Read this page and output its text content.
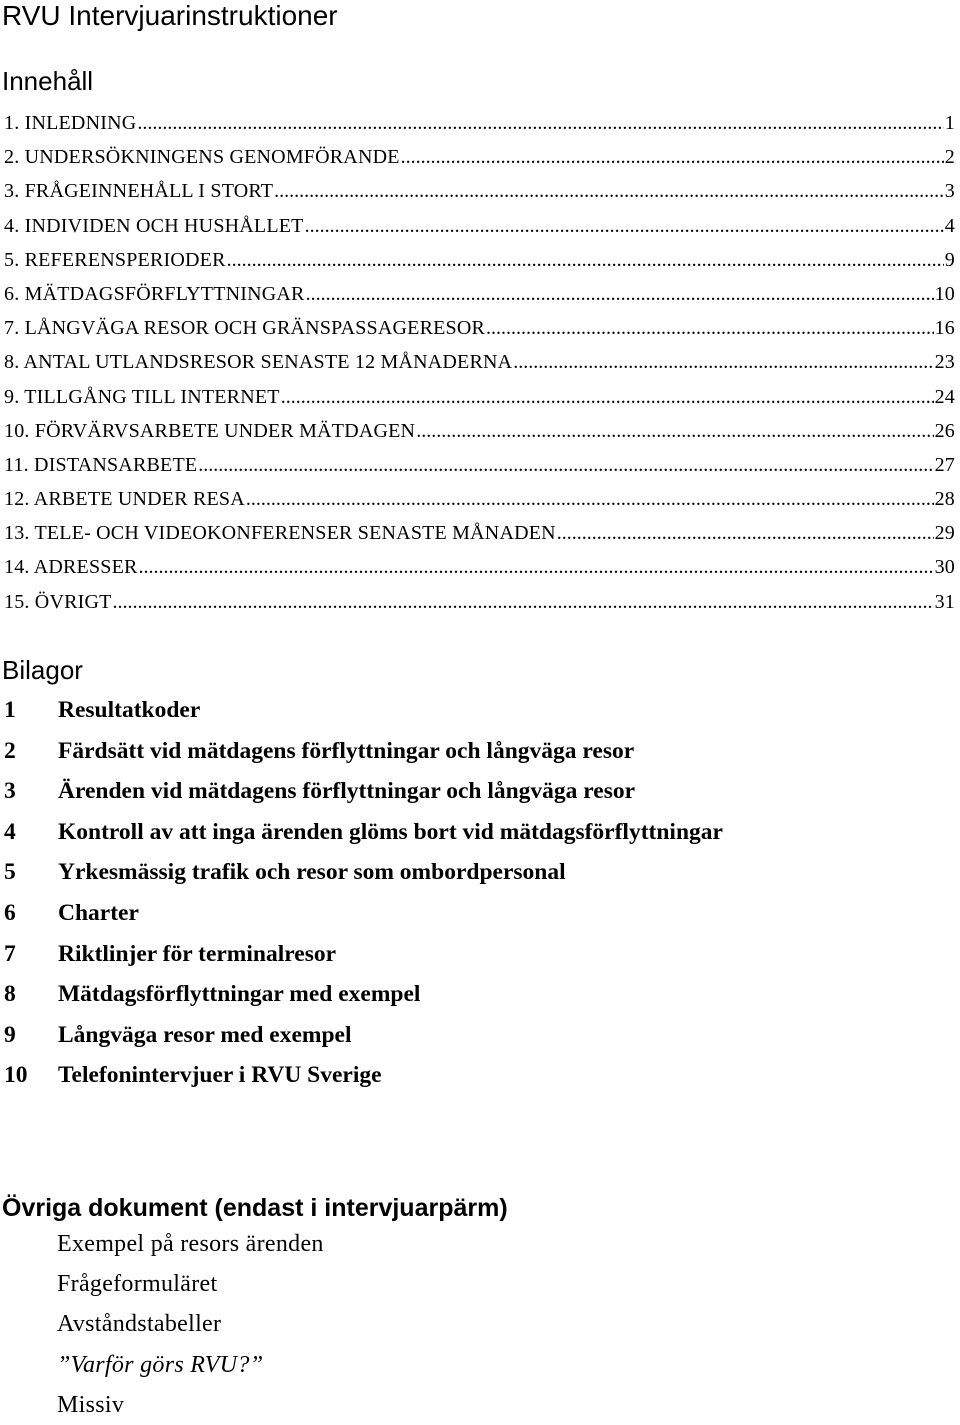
RVU Intervjuarinstruktioner
Innehåll
1. INLEDNING .....	1
2. UNDERSÖKNINGENS GENOMFÖRANDE .....	2
3. FRÅGEINNEHÅLL I STORT .....	3
4. INDIVIDEN OCH HUSHÅLLET .....	4
5. REFERENSPERIODER .....	9
6. MÄTDAGSFÖRFLYTTNINGAR .....	10
7. LÅNGVÄGA RESOR OCH GRÄNSPASSAGERESOR .....	16
8. ANTAL UTLANDSRESOR SENASTE 12 MÅNADERNA .....	23
9. TILLGÅNG TILL INTERNET .....	24
10. FÖRVÄRVSARBETE UNDER MÄTDAGEN .....	26
11. DISTANSARBETE .....	27
12. ARBETE UNDER RESA .....	28
13. TELE- OCH VIDEOKONFERENSER SENASTE MÅNADEN .....	29
14. ADRESSER .....	30
15. ÖVRIGT .....	31
Bilagor
1	Resultatkoder
2	Färdsätt vid mätdagens förflyttningar och långväga resor
3	Ärenden vid mätdagens förflyttningar och långväga resor
4	Kontroll av att inga ärenden glöms bort vid mätdagsförflyttningar
5	Yrkesmässig trafik och resor som ombordpersonal
6	Charter
7	Riktlinjer för terminalresor
8	Mätdagsförflyttningar med exempel
9	Långväga resor med exempel
10	Telefonintervjuer i RVU Sverige
Övriga dokument (endast i intervjuarpärm)
Exempel på resors ärenden
Frågeformuläret
Avståndstabeller
”Varför görs RVU?”
Missiv
